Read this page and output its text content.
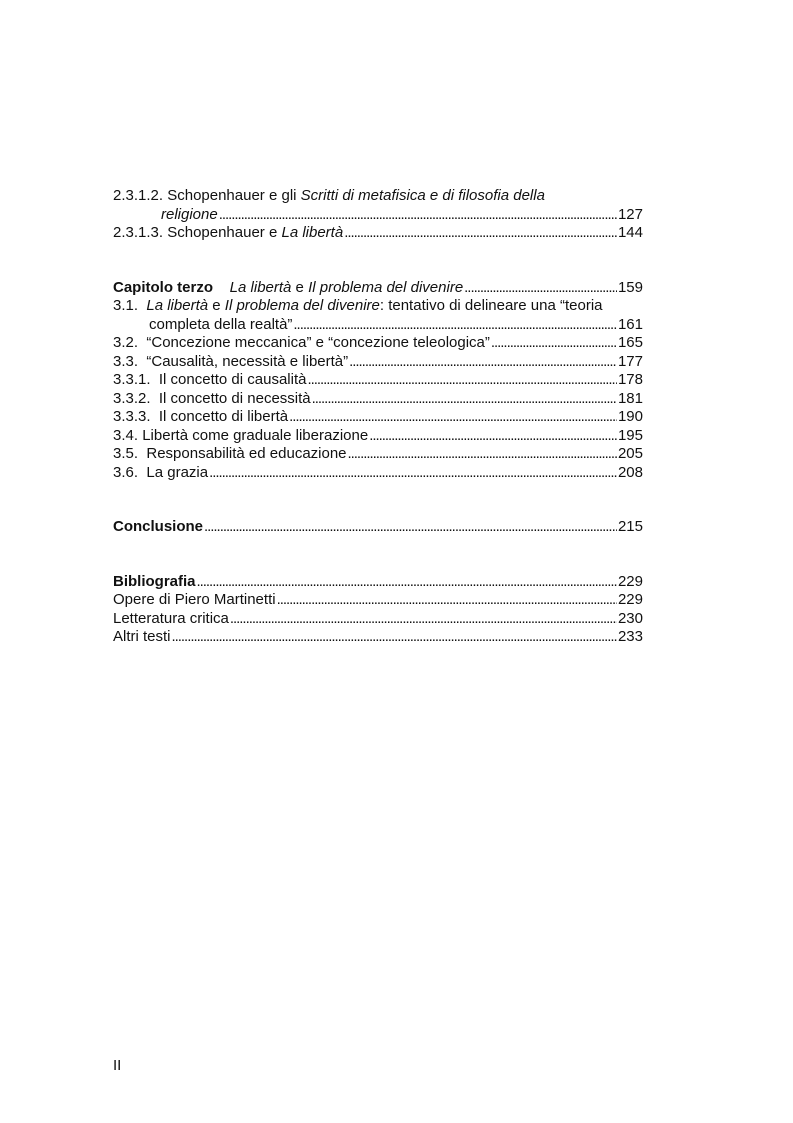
2.3.1.2. Schopenhauer e gli Scritti di metafisica e di filosofia della
religione . . .	127
2.3.1.3. Schopenhauer e La libertà . . .	144
Capitolo terzo La libertà e Il problema del divenire . . .	159
3.1. La libertà e Il problema del divenire: tentativo di delineare una “teoria
completa della realtà” . . .	161
3.2. “Concezione meccanica” e “concezione teleologica” . . .	165
3.3. “Causalità, necessità e libertà” . . .	177
3.3.1. Il concetto di causalità . . .	178
3.3.2. Il concetto di necessità . . .	181
3.3.3. Il concetto di libertà . . .	190
3.4. Libertà come graduale liberazione . . .	195
3.5. Responsabilità ed educazione . . .	205
3.6. La grazia . . .	208
Conclusione . . .	215
Bibliografia . . .	229
Opere di Piero Martinetti . . .	229
Letteratura critica . . .	230
Altri testi . . .	233
II
